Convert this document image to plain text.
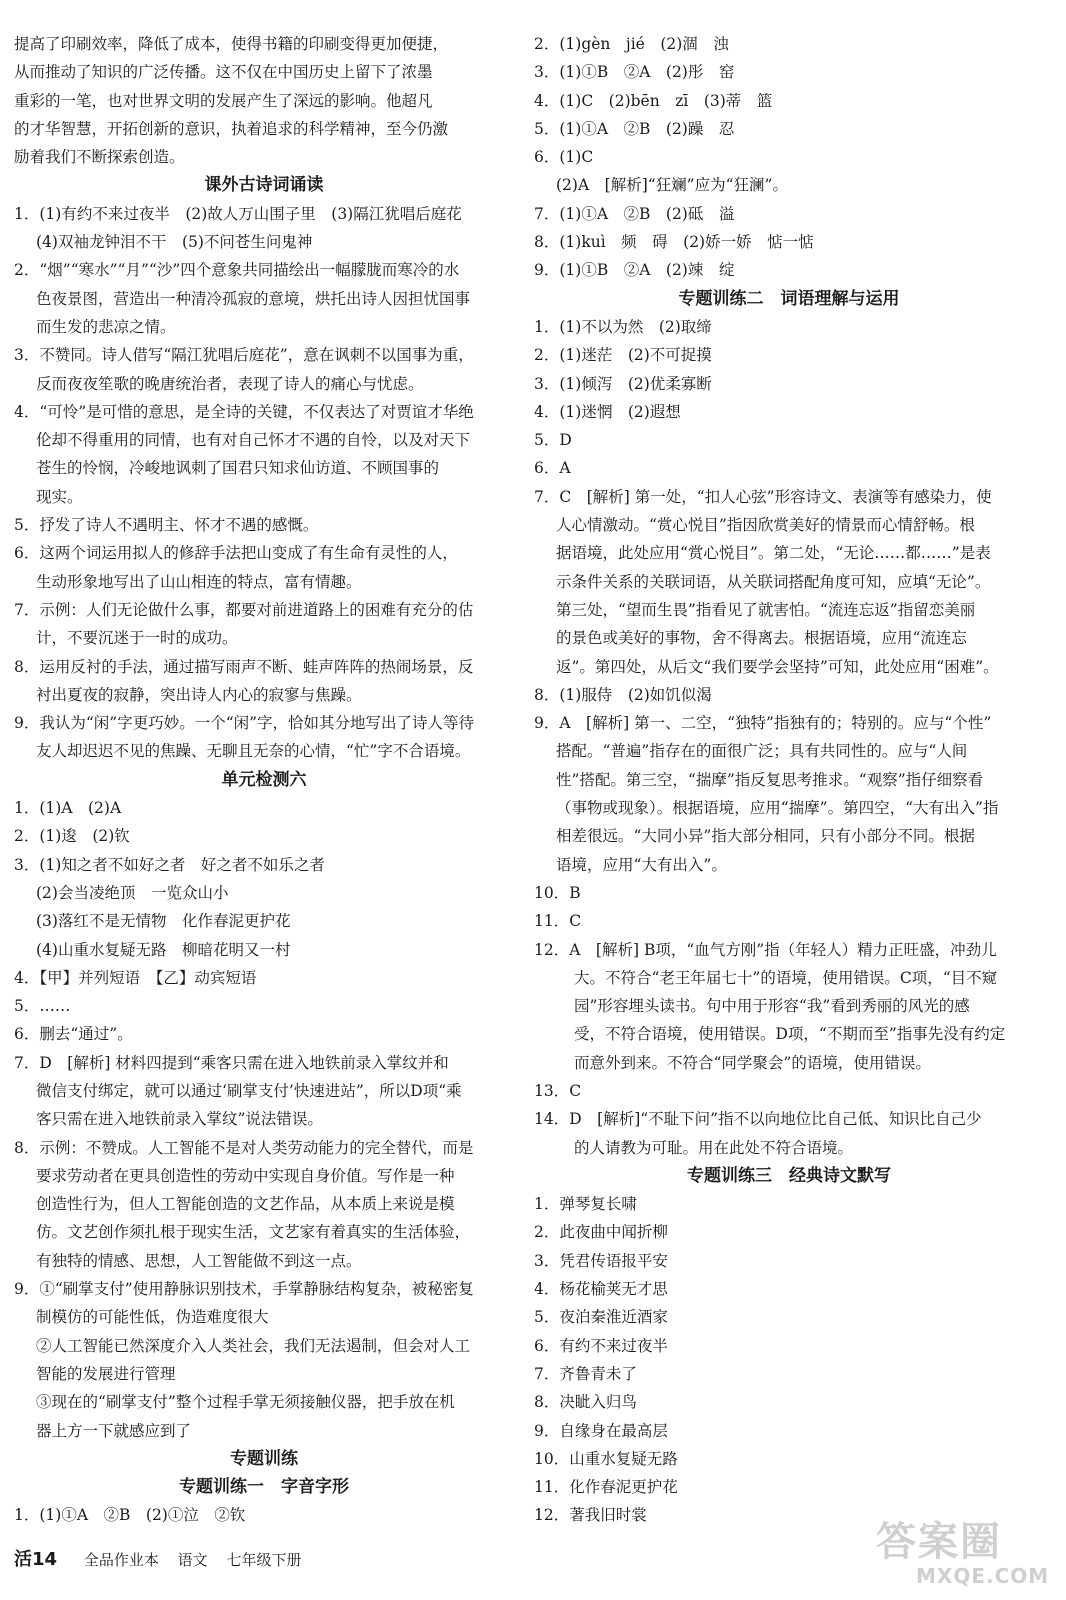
提高了印刷效率，降低了成本，使得书籍的印刷变得更加便捷，
从而推动了知识的广泛传播。这不仅在中国历史上留下了浓墨
重彩的一笔，也对世界文明的发展产生了深远的影响。他超凡
的才华智慧，开拓创新的意识，执着追求的科学精神，至今仍激
励着我们不断探索创造。
课外古诗词诵读
1．(1)有约不来过夜半　(2)故人万山围子里　(3)隔江犹唱后庭花
(4)双袖龙钟泪不干　(5)不问苍生问鬼神
2．“烟”“寒水”“月”“沙”四个意象共同描绘出一幅朦胧而寒冷的水
色夜景图，营造出一种清冷孤寂的意境，烘托出诗人因担忧国事
而生发的悲凉之情。
3．不赞同。诗人借写“隔江犹唱后庭花”，意在讽刺不以国事为重，
反而夜夜笙歌的晚唐统治者，表现了诗人的痛心与忧虑。
4．“可怜”是可惜的意思，是全诗的关键，不仅表达了对贾谊才华绝
伦却不得重用的同情，也有对自己怀才不遇的自怜，以及对天下
苍生的怜悯，冷峻地讽刺了国君只知求仙访道、不顾国事的
现实。
5．抒发了诗人不遇明主、怀才不遇的感慨。
6．这两个词运用拟人的修辞手法把山变成了有生命有灵性的人，
生动形象地写出了山山相连的特点，富有情趣。
7．示例：人们无论做什么事，都要对前进道路上的困难有充分的估
计，不要沉迷于一时的成功。
8．运用反衬的手法，通过描写雨声不断、蛙声阵阵的热闹场景，反
衬出夏夜的寂静，突出诗人内心的寂寥与焦躁。
9．我认为“闲”字更巧妙。一个“闲”字，恰如其分地写出了诗人等待
友人却迟迟不见的焦躁、无聊且无奈的心情，“忙”字不合语境。
单元检测六
1．(1)A　(2)A
2．(1)逡　(2)钦
3．(1)知之者不如好之者　好之者不如乐之者
(2)会当凌绝顶　一览众山小
(3)落红不是无情物　化作春泥更护花
(4)山重水复疑无路　柳暗花明又一村
4．【甲】并列短语　【乙】动宾短语
5．……
6．删去“通过”。
7．D　[解析] 材料四提到“乘客只需在进入地铁前录入掌纹并和
微信支付绑定，就可以通过‘刷掌支付’快速进站”，所以D项“乘
客只需在进入地铁前录入掌纹”说法错误。
8．示例：不赞成。人工智能不是对人类劳动能力的完全替代，而是
要求劳动者在更具创造性的劳动中实现自身价值。写作是一种
创造性行为，但人工智能创造的文艺作品，从本质上来说是模
仿。文艺创作须扎根于现实生活，文艺家有着真实的生活体验，
有独特的情感、思想，人工智能做不到这一点。
9．①“刷掌支付”使用静脉识别技术，手掌静脉结构复杂，被秘密复
制模仿的可能性低，伪造难度很大
②人工智能已然深度介入人类社会，我们无法遏制，但会对人工
智能的发展进行管理
③现在的“刷掌支付”整个过程手掌无须接触仪器，把手放在机
器上方一下就感应到了
专题训练
专题训练一　字音字形
1．(1)①A　②B　(2)①泣　②钦
2．(1)gèn　jié　(2)涸　浊
3．(1)①B　②A　(2)彤　窑
4．(1)C　(2)bēn　zī　(3)蒂　篮
5．(1)①A　②B　(2)躁　忍
6．(1)C
(2)A　[解析]“狂斓”应为“狂澜”。
7．(1)①A　②B　(2)砥　溢
8．(1)kuì　频　碍　(2)娇一娇　惦一惦
9．(1)①B　②A　(2)竦　绽
专题训练二　词语理解与运用
1．(1)不以为然　(2)取缔
2．(1)迷茫　(2)不可捉摸
3．(1)倾泻　(2)优柔寡断
4．(1)迷惘　(2)遐想
5．D
6．A
7．C　[解析] 第一处，“扣人心弦”形容诗文、表演等有感染力，使
人心情激动。“赏心悦目”指因欣赏美好的情景而心情舒畅。根
据语境，此处应用“赏心悦目”。第二处，“无论……都……”是表
示条件关系的关联词语，从关联词搭配角度可知，应填“无论”。
第三处，“望而生畏”指看见了就害怕。“流连忘返”指留恋美丽
的景色或美好的事物，舍不得离去。根据语境，应用“流连忘
返”。第四处，从后文“我们要学会坚持”可知，此处应用“困难”。
8．(1)服侍　(2)如饥似渴
9．A　[解析] 第一、二空，“独特”指独有的；特别的。应与“个性”
搭配。“普遍”指存在的面很广泛；具有共同性的。应与“人间
性”搭配。第三空，“揣摩”指反复思考推求。“观察”指仔细察看
（事物或现象）。根据语境，应用“揣摩”。第四空，“大有出入”指
相差很远。“大同小异”指大部分相同，只有小部分不同。根据
语境，应用“大有出入”。
10．B
11．C
12．A　[解析] B项，“血气方刚”指（年轻人）精力正旺盛，冲劲儿
大。不符合“老王年届七十”的语境，使用错误。C项，“目不窥
园”形容埋头读书。句中用于形容“我”看到秀丽的风光的感
受，不符合语境，使用错误。D项，“不期而至”指事先没有约定
而意外到来。不符合“同学聚会”的语境，使用错误。
13．C
14．D　[解析]“不耻下问”指不以向地位比自己低、知识比自己少
的人请教为可耻。用在此处不符合语境。
专题训练三　经典诗文默写
1．弹琴复长啸
2．此夜曲中闻折柳
3．凭君传语报平安
4．杨花榆荚无才思
5．夜泊秦淮近酒家
6．有约不来过夜半
7．齐鲁青未了
8．决眦入归鸟
9．自缘身在最高层
10．山重水复疑无路
11．化作春泥更护花
12．著我旧时裳
活14 全品作业本 语文 七年级下册	答案圈
MXQE.COM
